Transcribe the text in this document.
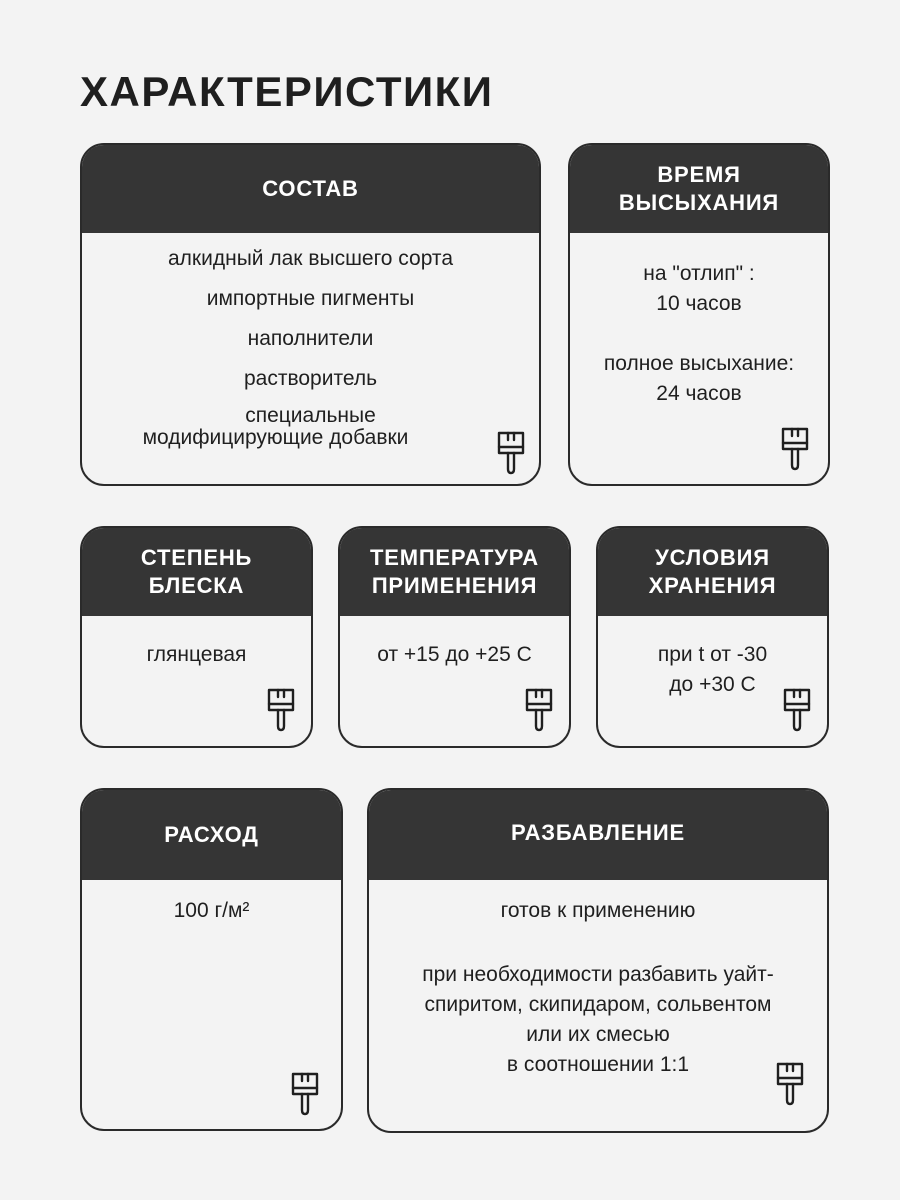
ХАРАКТЕРИСТИКИ
СОСТАВ
алкидный лак высшего сорта
импортные пигменты
наполнители
растворитель
специальные
модифицирующие добавки
ВРЕМЯ
ВЫСЫХАНИЯ
на "отлип" :
10 часов
полное высыхание:
24 часов
СТЕПЕНЬ
БЛЕСКА
глянцевая
ТЕМПЕРАТУРА
ПРИМЕНЕНИЯ
от +15 до +25 С
УСЛОВИЯ
ХРАНЕНИЯ
при t от -30
до +30 С
РАСХОД
100 г/м²
РАЗБАВЛЕНИЕ
готов к применению
при необходимости разбавить уайт-
спиритом, скипидаром, сольвентом
или их смесью
в соотношении 1:1
